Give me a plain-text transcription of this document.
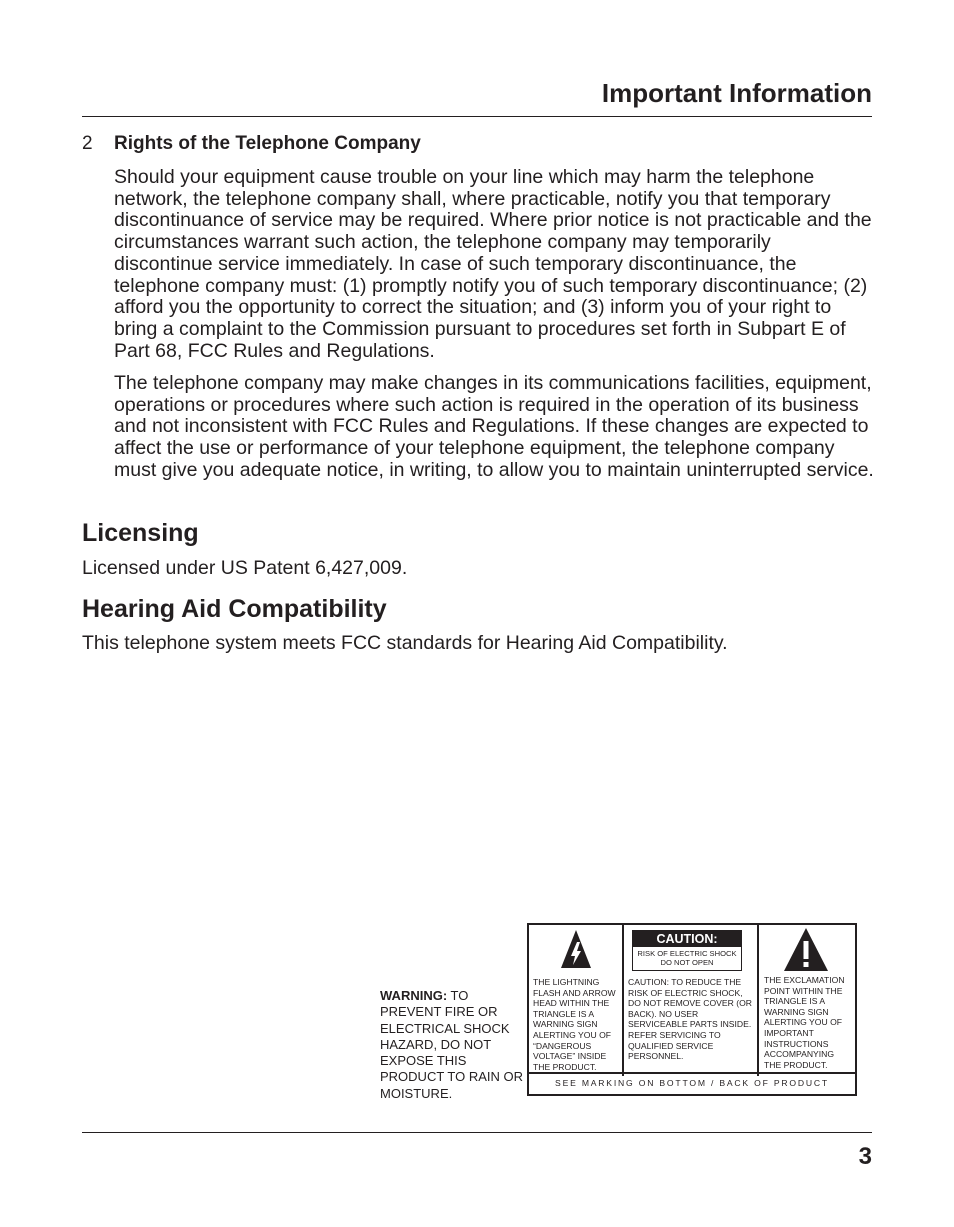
Important Information
2 Rights of the Telephone Company

Should your equipment cause trouble on your line which may harm the telephone network, the telephone company shall, where practicable, notify you that temporary discontinuance of service may be required. Where prior notice is not practicable and the circumstances warrant such action, the telephone company may temporarily discontinue service immediately. In case of such temporary discontinuance, the telephone company must: (1) promptly notify you of such temporary discontinuance; (2) afford you the opportunity to correct the situation; and (3) inform you of your right to bring a complaint to the Commission pursuant to procedures set forth in Subpart E of Part 68, FCC Rules and Regulations.

The telephone company may make changes in its communications facilities, equipment, operations or procedures where such action is required in the operation of its business and not inconsistent with FCC Rules and Regulations. If these changes are expected to affect the use or performance of your telephone equipment, the telephone company must give you adequate notice, in writing, to allow you to maintain uninterrupted service.

Licensing

Licensed under US Patent 6,427,009.

Hearing Aid Compatibility

This telephone system meets FCC standards for Hearing Aid Compatibility.

WARNING: TO PREVENT FIRE OR ELECTRICAL SHOCK HAZARD, DO NOT EXPOSE THIS PRODUCT TO RAIN OR MOISTURE.
THE LIGHTNING FLASH AND ARROW HEAD WITHIN THE TRIANGLE IS A WARNING SIGN ALERTING YOU OF “DANGEROUS VOLTAGE” INSIDE THE PRODUCT.
CAUTION:
RISK OF ELECTRIC SHOCK
DO NOT OPEN
CAUTION: TO REDUCE THE RISK OF ELECTRIC SHOCK, DO NOT REMOVE COVER (OR BACK). NO USER SERVICEABLE PARTS INSIDE. REFER SERVICING TO QUALIFIED SERVICE PERSONNEL.
THE EXCLAMATION POINT WITHIN THE TRIANGLE IS A WARNING SIGN ALERTING YOU OF IMPORTANT INSTRUCTIONS ACCOMPANYING THE PRODUCT.
SEE MARKING ON BOTTOM / BACK OF PRODUCT
3
